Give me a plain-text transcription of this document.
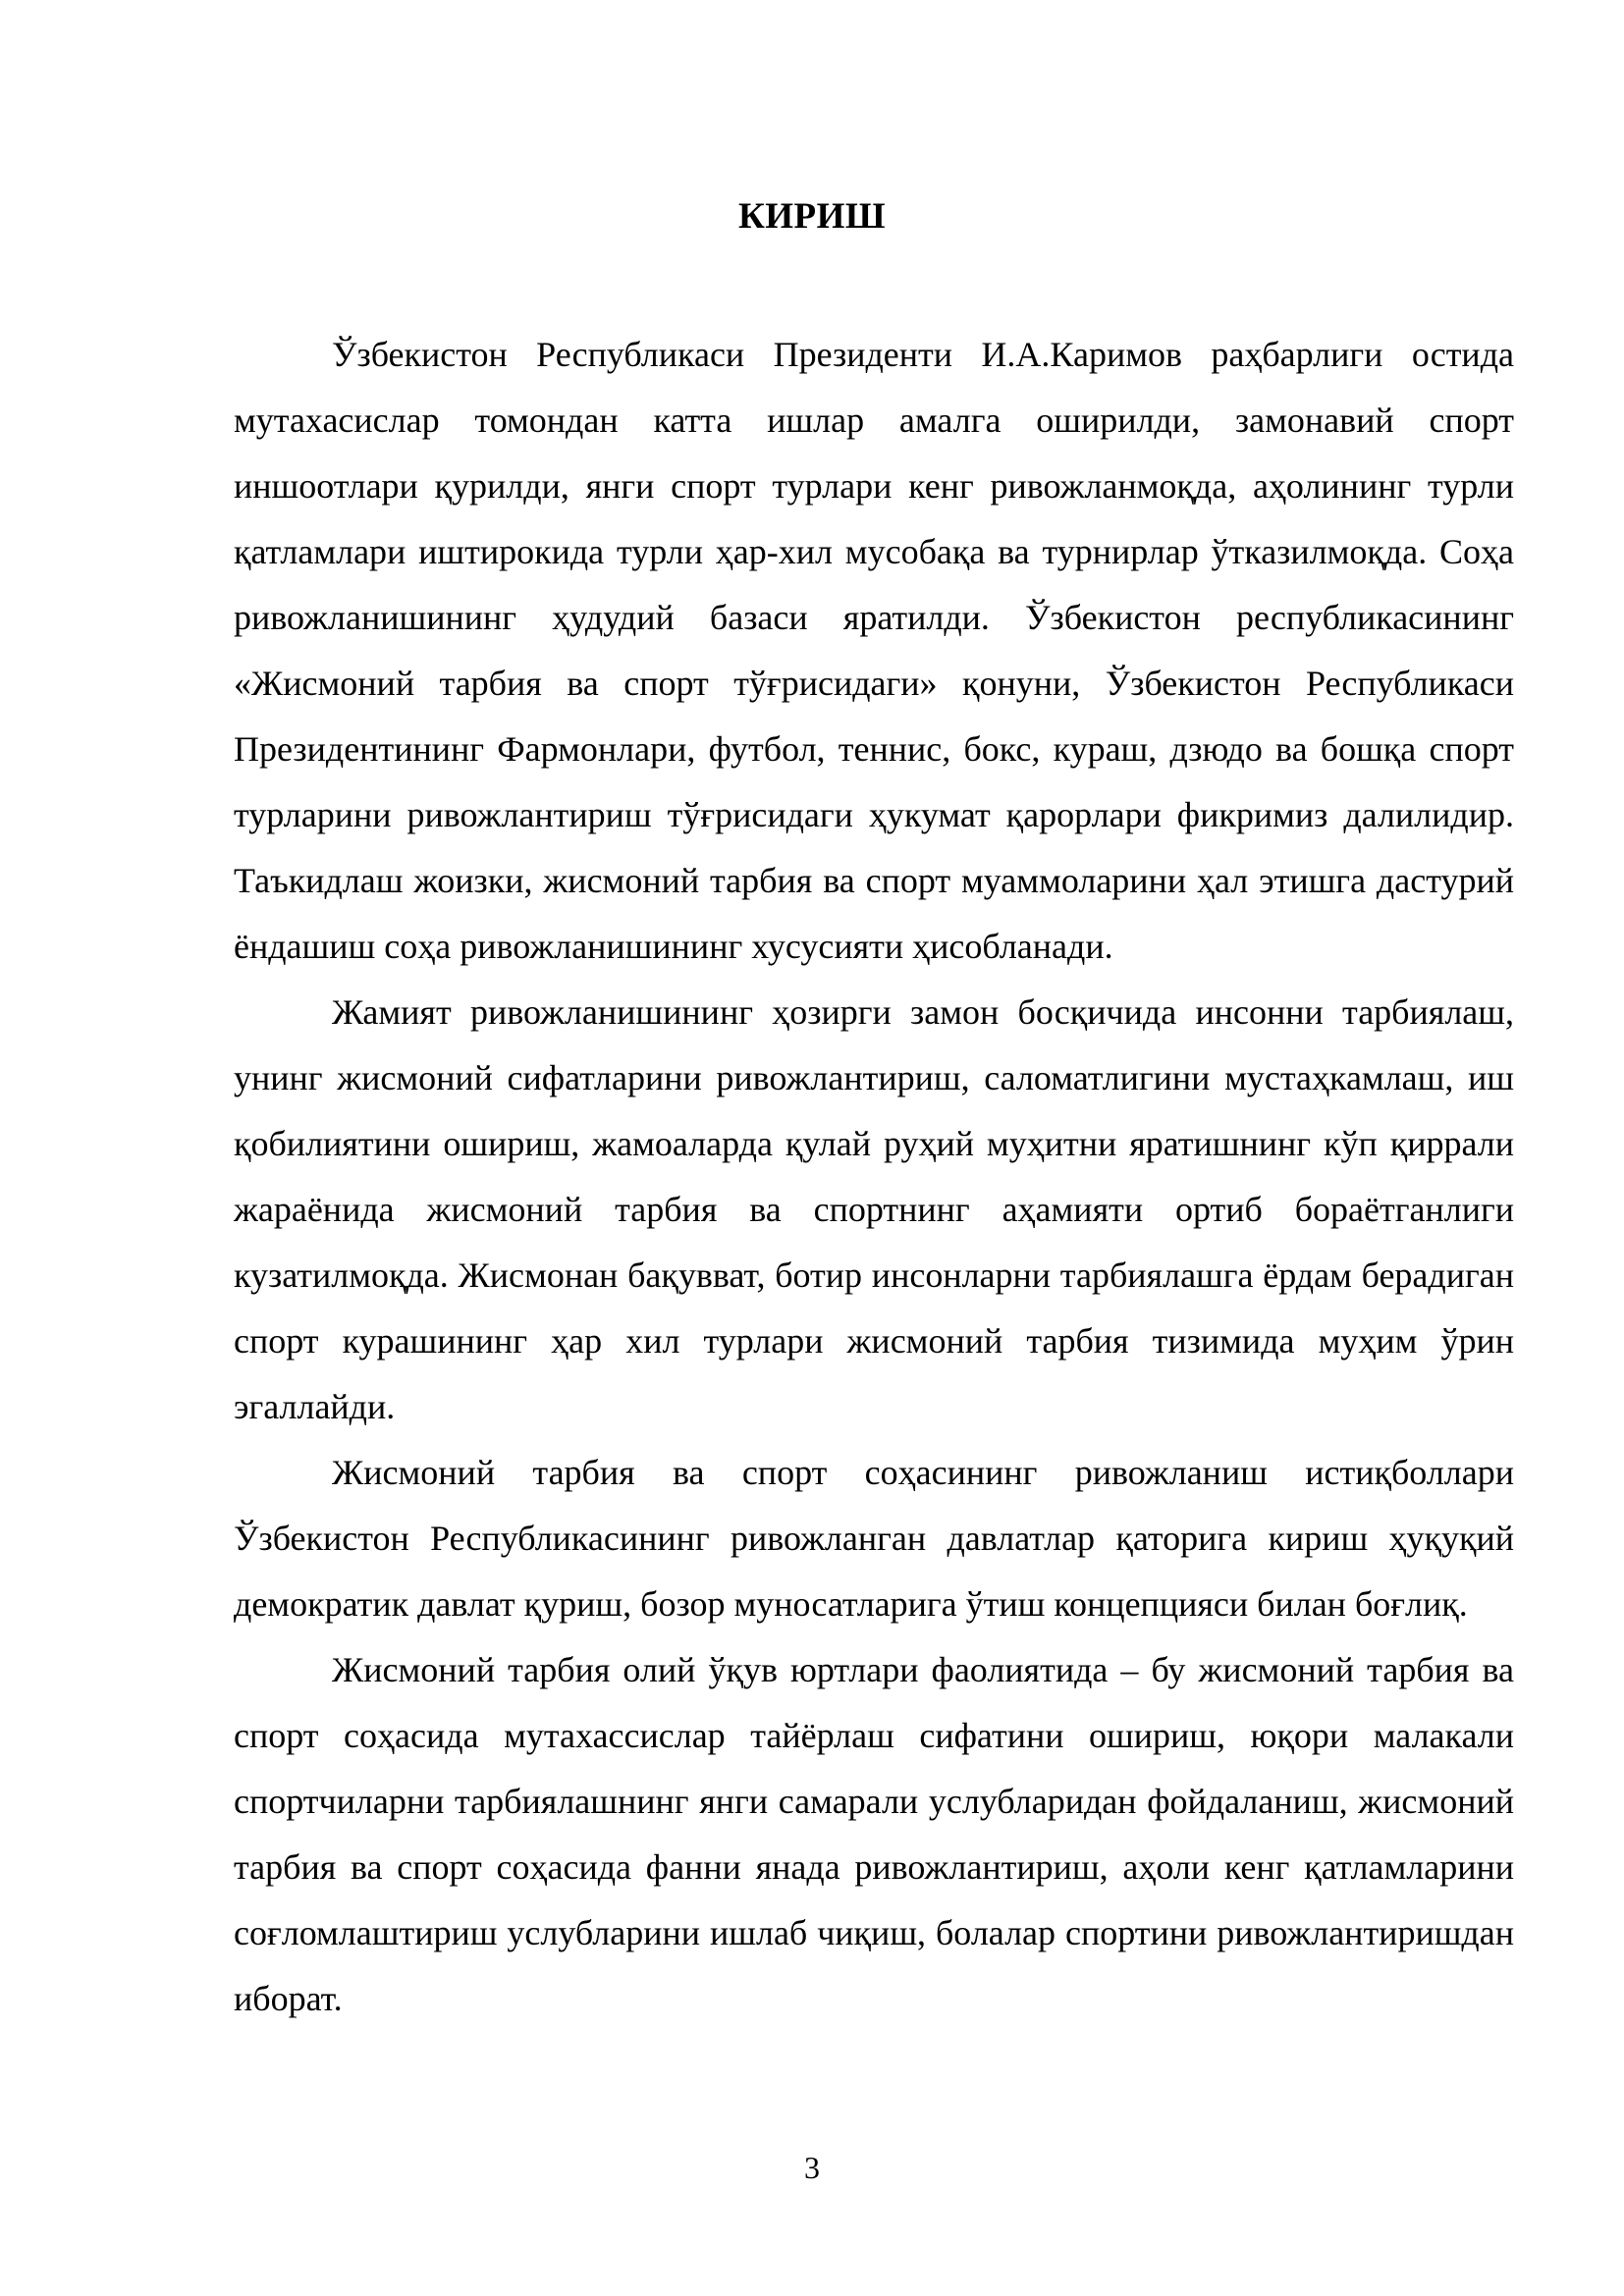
КИРИШ

Ўзбекистон Республикаси Президенти И.А.Каримов раҳбарлиги остида мутахасислар томондан катта ишлар амалга оширилди, замонавий спорт иншоотлари қурилди, янги спорт турлари кенг ривожланмоқда, аҳолининг турли қатламлари иштирокида турли ҳар-хил мусобақа ва турнирлар ўтказилмоқда. Соҳа ривожланишининг ҳудудий базаси яратилди. Ўзбекистон республикасининг «Жисмоний тарбия ва спорт тўғрисидаги» қонуни, Ўзбекистон Республикаси Президентининг Фармонлари, футбол, теннис, бокс, кураш, дзюдо ва бошқа спорт турларини ривожлантириш тўғрисидаги ҳукумат қарорлари фикримиз далилидир. Таъкидлаш жоизки, жисмоний тарбия ва спорт муаммоларини ҳал этишга дастурий ёндашиш соҳа ривожланишининг хусусияти ҳисобланади.

Жамият ривожланишининг ҳозирги замон босқичида инсонни тарбиялаш, унинг жисмоний сифатларини ривожлантириш, саломатлигини мустаҳкамлаш, иш қобилиятини ошириш, жамоаларда қулай руҳий муҳитни яратишнинг кўп қиррали жараёнида жисмоний тарбия ва спортнинг аҳамияти ортиб бораётганлиги кузатилмоқда. Жисмонан бақувват, ботир инсонларни тарбиялашга ёрдам берадиган спорт курашининг ҳар хил турлари жисмоний тарбия тизимида муҳим ўрин эгаллайди.

Жисмоний тарбия ва спорт соҳасининг ривожланиш истиқболлари Ўзбекистон Республикасининг ривожланган давлатлар қаторига кириш ҳуқуқий демократик давлат қуриш, бозор муносатларига ўтиш концепцияси билан боғлиқ.

Жисмоний тарбия олий ўқув юртлари фаолиятида – бу жисмоний тарбия ва спорт соҳасида мутахассислар тайёрлаш сифатини ошириш, юқори малакали спортчиларни тарбиялашнинг янги самарали услубларидан фойдаланиш, жисмоний тарбия ва спорт соҳасида фанни янада ривожлантириш, аҳоли кенг қатламларини соғломлаштириш услубларини ишлаб чиқиш, болалар спортини ривожлантиришдан иборат.

3
